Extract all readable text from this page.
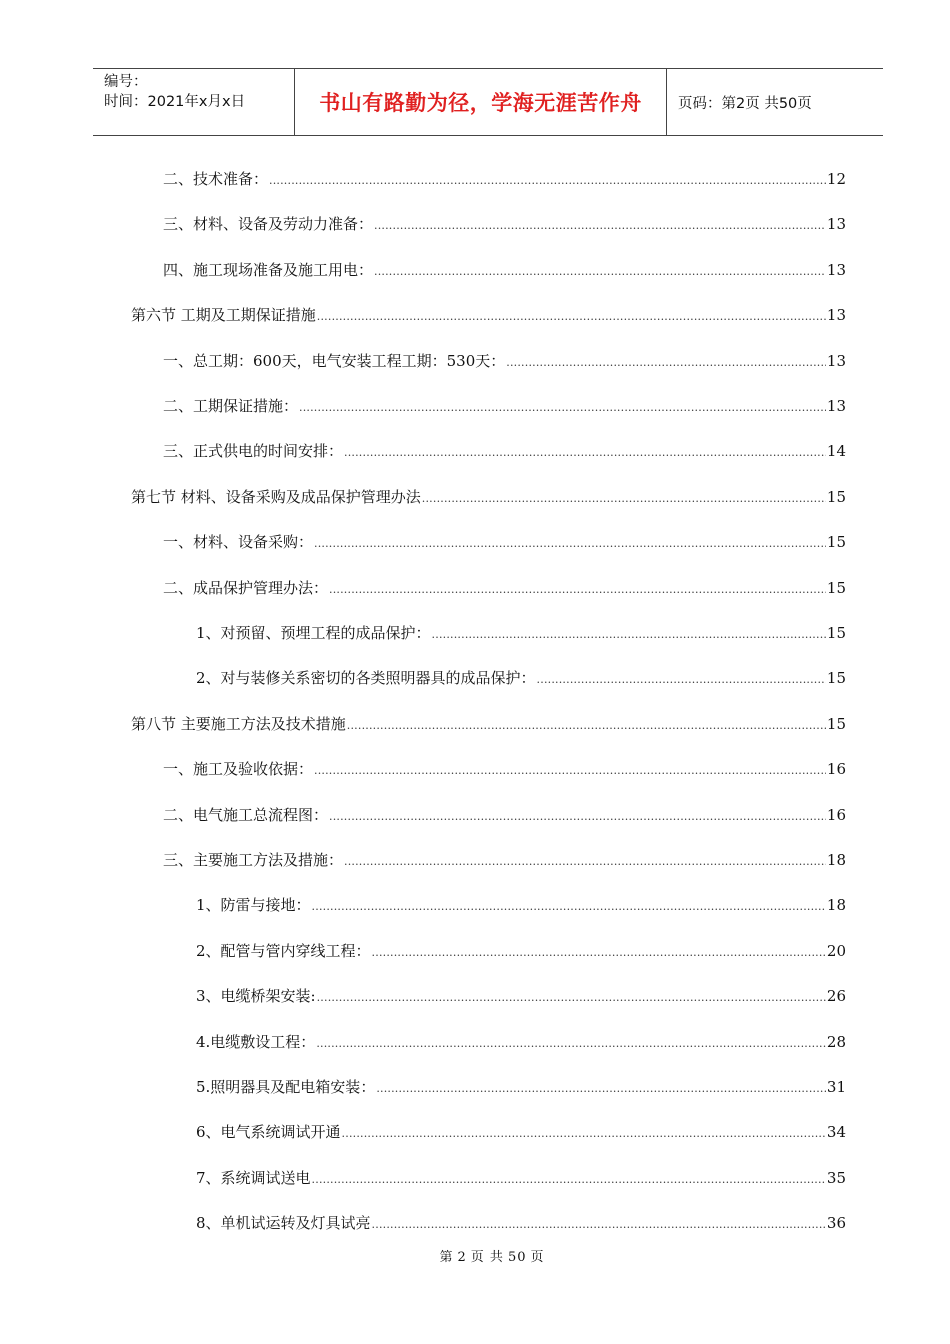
编号：
时间：2021年x月x日	书山有路勤为径，学海无涯苦作舟	页码：第2页 共50页
二、技术准备： .....	12
三、材料、设备及劳动力准备： .....	13
四、施工现场准备及施工用电： .....	13
第六节 工期及工期保证措施 .....	13
一、总工期：600天，电气安装工程工期：530天： .....	13
二、工期保证措施： .....	13
三、正式供电的时间安排： .....	14
第七节 材料、设备采购及成品保护管理办法 .....	15
一、材料、设备采购： .....	15
二、成品保护管理办法： .....	15
1、对预留、预埋工程的成品保护： .....	15
2、对与装修关系密切的各类照明器具的成品保护： .....	15
第八节 主要施工方法及技术措施 .....	15
一、施工及验收依据： .....	16
二、电气施工总流程图： .....	16
三、主要施工方法及措施： .....	18
1、防雷与接地： .....	18
2、配管与管内穿线工程： .....	20
3、电缆桥架安装: .....	26
4.电缆敷设工程： .....	28
5.照明器具及配电箱安装： .....	31
6、电气系统调试开通 .....	34
7、系统调试送电 .....	35
8、单机试运转及灯具试亮 .....	36
第 2 页 共 50 页
